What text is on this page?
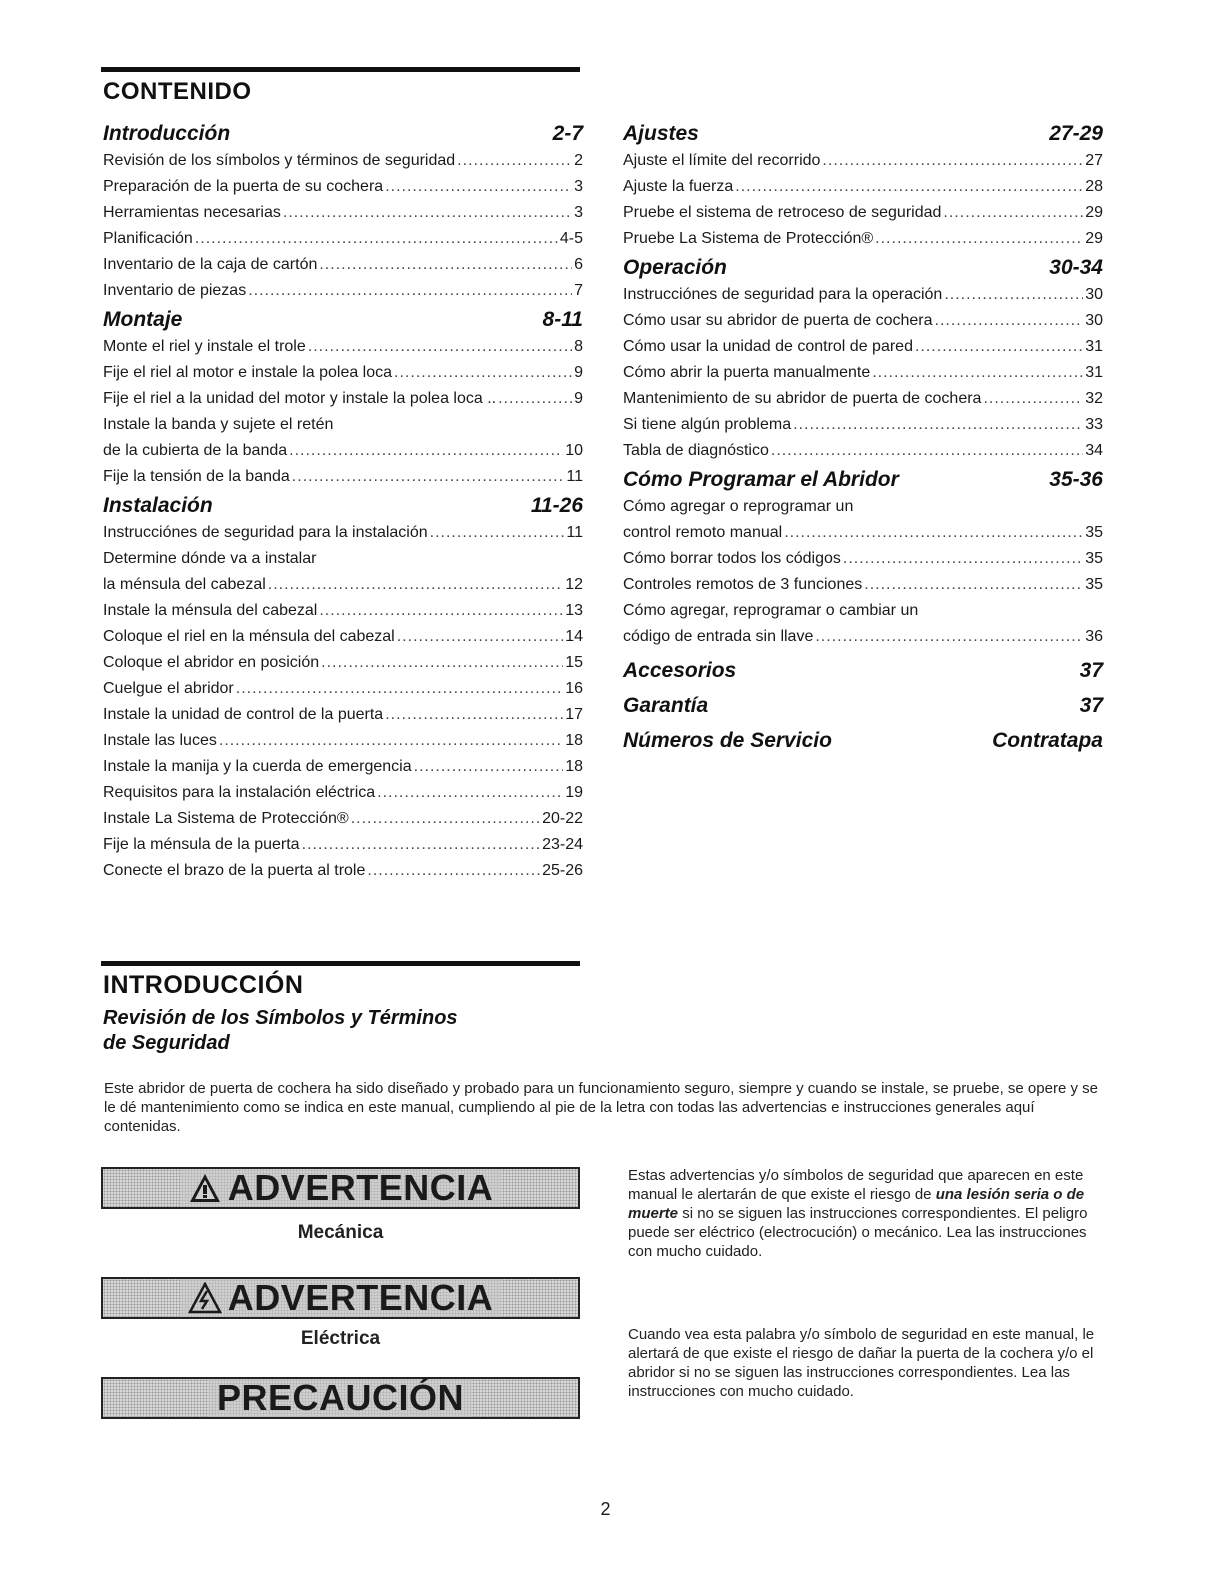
CONTENIDO
Introducción	2-7
Revisión de los símbolos y términos de seguridad .....	2
Preparación de la puerta de su cochera .....	3
Herramientas necesarias .....	3
Planificación .....	4-5
Inventario de la caja de cartón .....	6
Inventario de piezas .....	7
Montaje	8-11
Monte el riel y instale el trole .....	8
Fije el riel al motor e instale la polea loca .....	9
Fije el riel a la unidad del motor y instale la polea loca .. .....	9
Instale la banda y sujete el retén
de la cubierta de la banda .....	10
Fije la tensión de la banda .....	11
Instalación	11-26
Instrucciónes de seguridad para la instalación .....	11
Determine dónde va a instalar
la ménsula del cabezal .....	12
Instale la ménsula del cabezal .....	13
Coloque el riel en la ménsula del cabezal .....	14
Coloque el abridor en posición .....	15
Cuelgue el abridor .....	16
Instale la unidad de control de la puerta .....	17
Instale las luces .....	18
Instale la manija y la cuerda de emergencia .....	18
Requisitos para la instalación eléctrica .....	19
Instale La Sistema de Protección® .....	20-22
Fije la ménsula de la puerta .....	23-24
Conecte el brazo de la puerta al trole .....	25-26
Ajustes	27-29
Ajuste el límite del recorrido .....	27
Ajuste la fuerza .....	28
Pruebe el sistema de retroceso de seguridad .....	29
Pruebe La Sistema de Protección® .....	29
Operación	30-34
Instrucciónes de seguridad para la operación .....	30
Cómo usar su abridor de puerta de cochera .....	30
Cómo usar la unidad de control de pared .....	31
Cómo abrir la puerta manualmente .....	31
Mantenimiento de su abridor de puerta de cochera .....	32
Si tiene algún problema .....	33
Tabla de diagnóstico .....	34
Cómo Programar el Abridor	35-36
Cómo agregar o reprogramar un
control remoto manual .....	35
Cómo borrar todos los códigos .....	35
Controles remotos de 3 funciones .....	35
Cómo agregar, reprogramar o cambiar un
código de entrada sin llave .....	36
Accesorios	37
Garantía	37
Números de Servicio	Contratapa
INTRODUCCIÓN
Revisión de los Símbolos y Términos
de Seguridad
Este abridor de puerta de cochera ha sido diseñado y probado para un funcionamiento seguro, siempre y cuando se instale, se pruebe, se opere y se le dé mantenimiento como se indica en este manual, cumpliendo al pie de la letra con todas las advertencias e instrucciones generales aquí contenidas.
ADVERTENCIA
Mecánica
ADVERTENCIA
Eléctrica
PRECAUCIÓN
Estas advertencias y/o símbolos de seguridad que aparecen en este manual le alertarán de que existe el riesgo de una lesión seria o de muerte si no se siguen las instrucciones correspondientes. El peligro puede ser eléctrico (electrocución) o mecánico. Lea las instrucciones con mucho cuidado.
Cuando vea esta palabra y/o símbolo de seguridad en este manual, le alertará de que existe el riesgo de dañar la puerta de la cochera y/o el abridor si no se siguen las instrucciones correspondientes. Lea las instrucciones con mucho cuidado.
2
